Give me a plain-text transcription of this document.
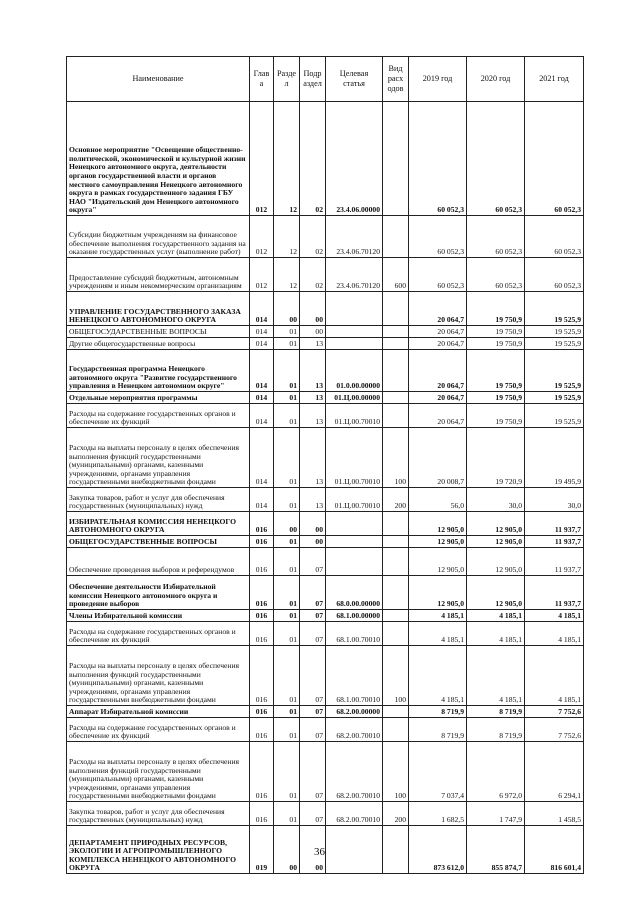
Наименование	Глав а	Разде л	Подр аздел	Целевая статья	Вид расх одов	2019 год	2020 год	2021 год
Основное мероприятие "Освещение общественно-политической, экономической и культурной жизни Ненецкого автономного округа, деятельности органов государственной власти и органов местного самоуправления Ненецкого автономного округа в рамках государственного задания ГБУ НАО "Издательский дом Ненецкого автономного округа"	012	12	02	23.4.06.00000		60 052,3	60 052,3	60 052,3
Субсидии бюджетным учреждениям на финансовое обеспечение выполнения государственного задания на оказание государственных услуг (выполнение работ)	012	12	02	23.4.06.70120		60 052,3	60 052,3	60 052,3
Предоставление субсидий бюджетным, автономным учреждениям и иным некоммерческим организациям	012	12	02	23.4.06.70120	600	60 052,3	60 052,3	60 052,3
УПРАВЛЕНИЕ ГОСУДАРСТВЕННОГО ЗАКАЗА НЕНЕЦКОГО АВТОНОМНОГО ОКРУГА	014	00	00			20 064,7	19 750,9	19 525,9
ОБЩЕГОСУДАРСТВЕННЫЕ ВОПРОСЫ	014	01	00			20 064,7	19 750,9	19 525,9
Другие общегосударственные вопросы	014	01	13			20 064,7	19 750,9	19 525,9
Государственная программа Ненецкого автономного округа "Развитие государственного управления в Ненецком автономном округе"	014	01	13	01.0.00.00000		20 064,7	19 750,9	19 525,9
Отдельные мероприятия программы	014	01	13	01.Ц.00.00000		20 064,7	19 750,9	19 525,9
Расходы на содержание государственных органов и обеспечение их функций	014	01	13	01.Ц.00.70010		20 064,7	19 750,9	19 525,9
Расходы на выплаты персоналу в целях обеспечения выполнения функций государственными (муниципальными) органами, казенными учреждениями, органами управления государственными внебюджетными фондами	014	01	13	01.Ц.00.70010	100	20 008,7	19 720,9	19 495,9
Закупка товаров, работ и услуг для обеспечения государственных (муниципальных) нужд	014	01	13	01.Ц.00.70010	200	56,0	30,0	30,0
ИЗБИРАТЕЛЬНАЯ КОМИССИЯ НЕНЕЦКОГО АВТОНОМНОГО ОКРУГА	016	00	00			12 905,0	12 905,0	11 937,7
ОБЩЕГОСУДАРСТВЕННЫЕ ВОПРОСЫ	016	01	00			12 905,0	12 905,0	11 937,7
Обеспечение проведения выборов и референдумов	016	01	07			12 905,0	12 905,0	11 937,7
Обеспечение деятельности Избирательной комиссии Ненецкого автономного округа и проведение выборов	016	01	07	68.0.00.00000		12 905,0	12 905,0	11 937,7
Члены Избирательной комиссии	016	01	07	68.1.00.00000		4 185,1	4 185,1	4 185,1
Расходы на содержание государственных органов и обеспечение их функций	016	01	07	68.1.00.70010		4 185,1	4 185,1	4 185,1
Расходы на выплаты персоналу в целях обеспечения выполнения функций государственными (муниципальными) органами, казенными учреждениями, органами управления государственными внебюджетными фондами	016	01	07	68.1.00.70010	100	4 185,1	4 185,1	4 185,1
Аппарат Избирательной комиссии	016	01	07	68.2.00.00000		8 719,9	8 719,9	7 752,6
Расходы на содержание государственных органов и обеспечение их функций	016	01	07	68.2.00.70010		8 719,9	8 719,9	7 752,6
Расходы на выплаты персоналу в целях обеспечения выполнения функций государственными (муниципальными) органами, казенными учреждениями, органами управления государственными внебюджетными фондами	016	01	07	68.2.00.70010	100	7 037,4	6 972,0	6 294,1
Закупка товаров, работ и услуг для обеспечения государственных (муниципальных) нужд	016	01	07	68.2.00.70010	200	1 682,5	1 747,9	1 458,5
ДЕПАРТАМЕНТ ПРИРОДНЫХ РЕСУРСОВ, ЭКОЛОГИИ И АГРОПРОМЫШЛЕННОГО КОМПЛЕКСА НЕНЕЦКОГО АВТОНОМНОГО ОКРУГА	019	00	00			873 612,0	855 874,7	816 601,4
36
